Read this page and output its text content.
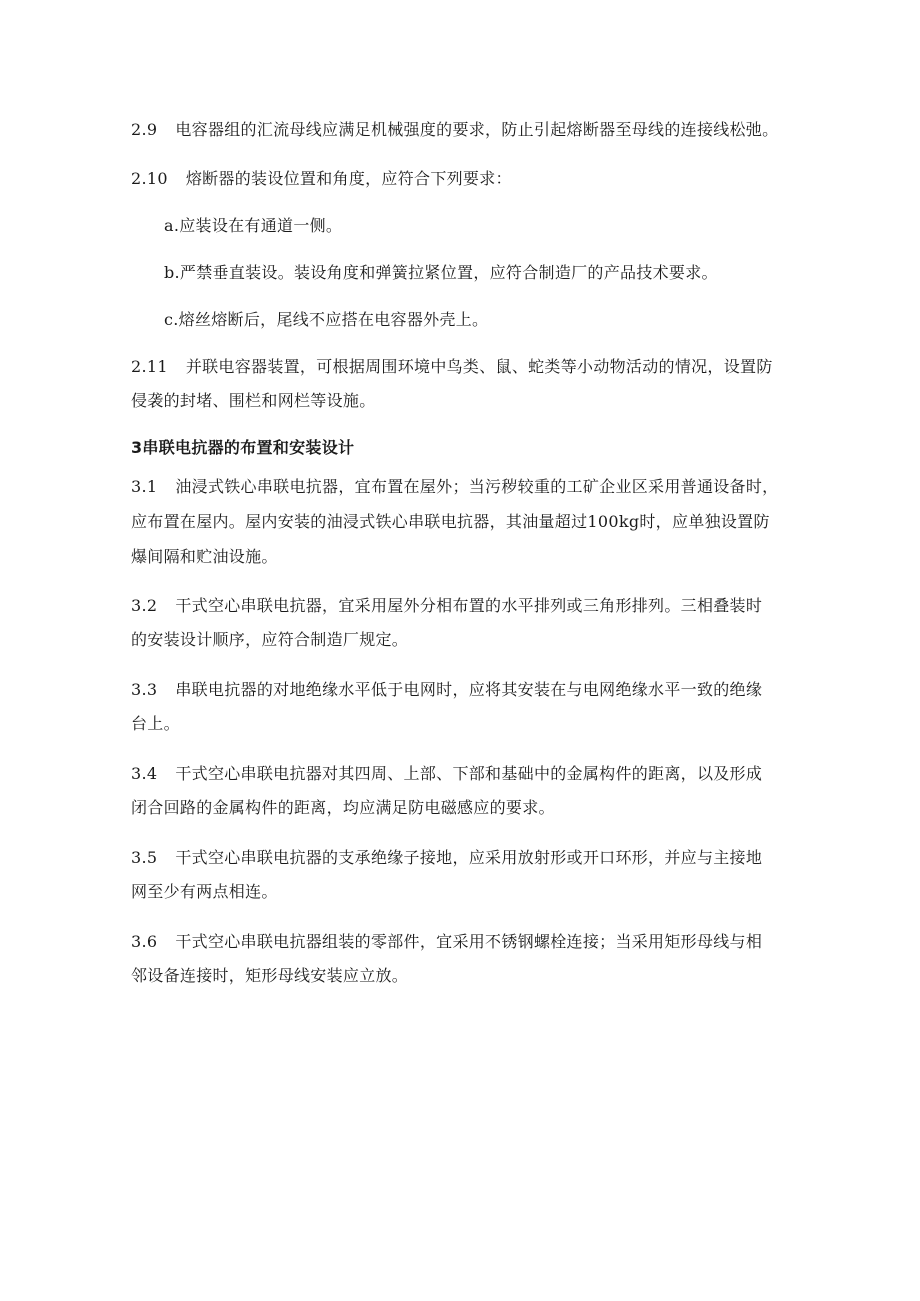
2.9 电容器组的汇流母线应满足机械强度的要求，防止引起熔断器至母线的连接线松弛。
2.10 熔断器的装设位置和角度，应符合下列要求：
a.应装设在有通道一侧。
b.严禁垂直装设。装设角度和弹簧拉紧位置，应符合制造厂的产品技术要求。
c.熔丝熔断后，尾线不应搭在电容器外壳上。
2.11 并联电容器装置，可根据周围环境中鸟类、鼠、蛇类等小动物活动的情况，设置防
侵袭的封堵、围栏和网栏等设施。
3串联电抗器的布置和安装设计
3.1 油浸式铁心串联电抗器，宜布置在屋外；当污秽较重的工矿企业区采用普通设备时，
应布置在屋内。屋内安装的油浸式铁心串联电抗器，其油量超过100kg时，应单独设置防
爆间隔和贮油设施。
3.2 干式空心串联电抗器，宜采用屋外分相布置的水平排列或三角形排列。三相叠装时
的安装设计顺序，应符合制造厂规定。
3.3 串联电抗器的对地绝缘水平低于电网时，应将其安装在与电网绝缘水平一致的绝缘
台上。
3.4 干式空心串联电抗器对其四周、上部、下部和基础中的金属构件的距离，以及形成
闭合回路的金属构件的距离，均应满足防电磁感应的要求。
3.5 干式空心串联电抗器的支承绝缘子接地，应采用放射形或开口环形，并应与主接地
网至少有两点相连。
3.6 干式空心串联电抗器组装的零部件，宜采用不锈钢螺栓连接；当采用矩形母线与相
邻设备连接时，矩形母线安装应立放。
